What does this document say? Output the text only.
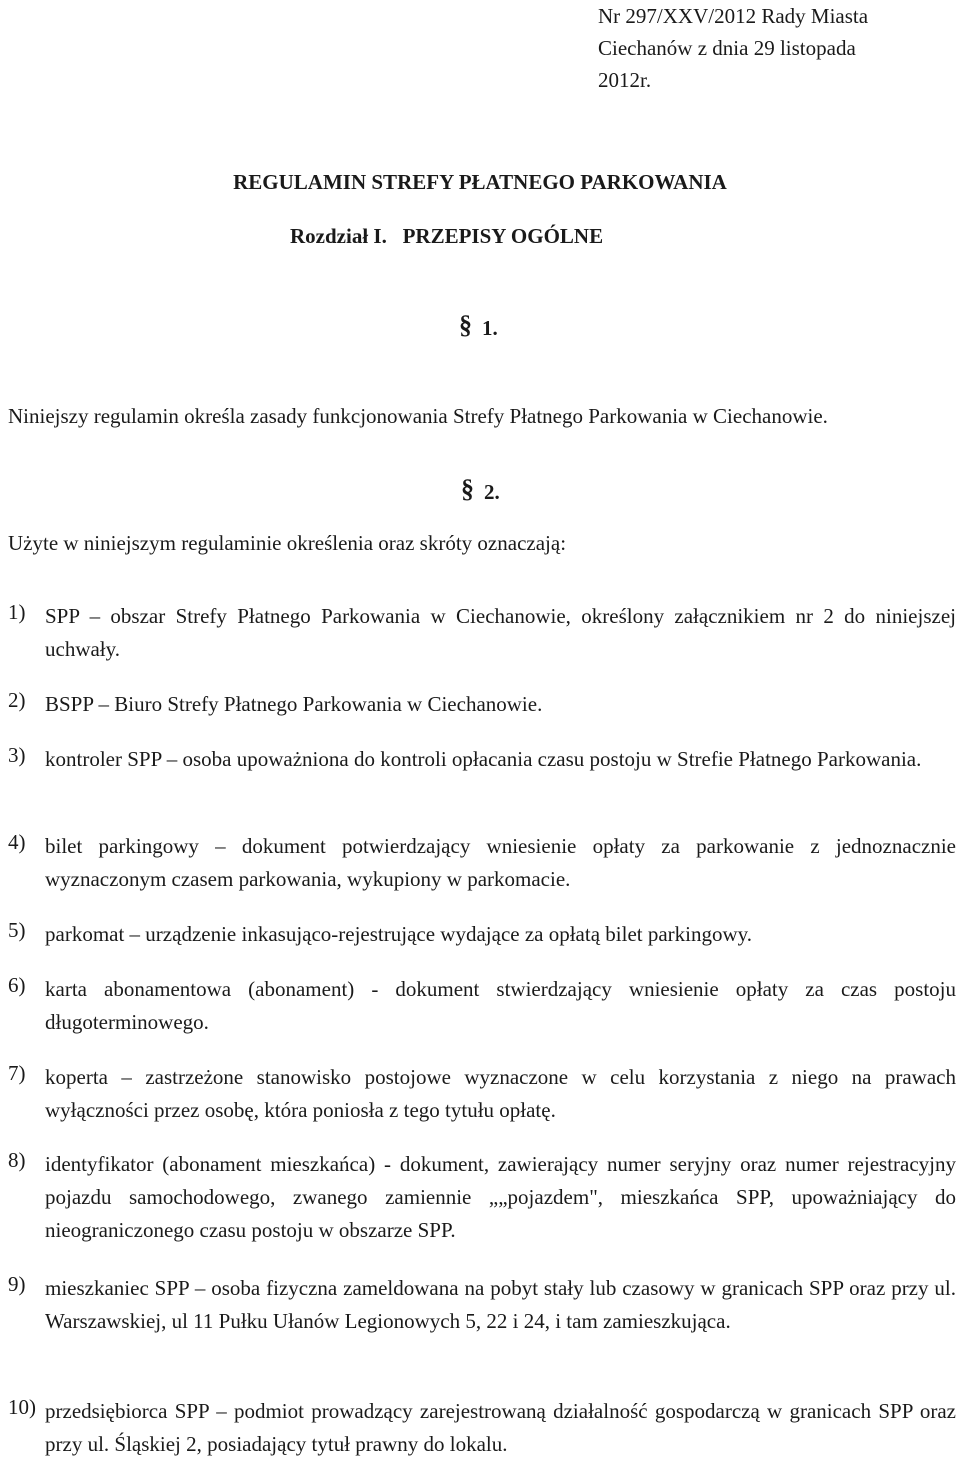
Nr 297/XXV/2012 Rady Miasta
Ciechanów z dnia 29 listopada
2012r.
REGULAMIN STREFY PŁATNEGO PARKOWANIA
Rozdział I.   PRZEPISY OGÓLNE
§ 1.
Niniejszy regulamin określa zasady funkcjonowania Strefy Płatnego Parkowania w Ciechanowie.
§ 2.
Użyte w niniejszym regulaminie określenia oraz skróty oznaczają:
1) SPP – obszar Strefy Płatnego Parkowania w Ciechanowie, określony załącznikiem nr 2 do niniejszej uchwały.
2) BSPP – Biuro Strefy Płatnego Parkowania w Ciechanowie.
3) kontroler SPP – osoba upoważniona do kontroli opłacania czasu postoju w Strefie Płatnego Parkowania.
4) bilet parkingowy – dokument potwierdzający wniesienie opłaty za parkowanie z jednoznacznie wyznaczonym czasem parkowania, wykupiony w parkomacie.
5) parkomat – urządzenie inkasująco-rejestrujące wydające za opłatą bilet parkingowy.
6) karta abonamentowa (abonament) - dokument stwierdzający wniesienie opłaty za czas postoju długoterminowego.
7) koperta – zastrzeżone stanowisko postojowe wyznaczone w celu korzystania z niego na prawach wyłączności przez osobę, która poniosła z tego tytułu opłatę.
8) identyfikator (abonament mieszkańca) - dokument, zawierający numer seryjny oraz numer rejestracyjny pojazdu samochodowego, zwanego zamiennie „„pojazdem", mieszkańca SPP, upoważniający do nieograniczonego czasu postoju w obszarze SPP.
9) mieszkaniec SPP – osoba fizyczna zameldowana na pobyt stały lub czasowy w granicach SPP oraz przy ul. Warszawskiej, ul 11 Pułku Ułanów Legionowych 5, 22 i 24, i tam zamieszkująca.
10) przedsiębiorca SPP – podmiot prowadzący zarejestrowaną działalność gospodarczą w granicach SPP oraz przy ul. Śląskiej 2, posiadający tytuł prawny do lokalu.
